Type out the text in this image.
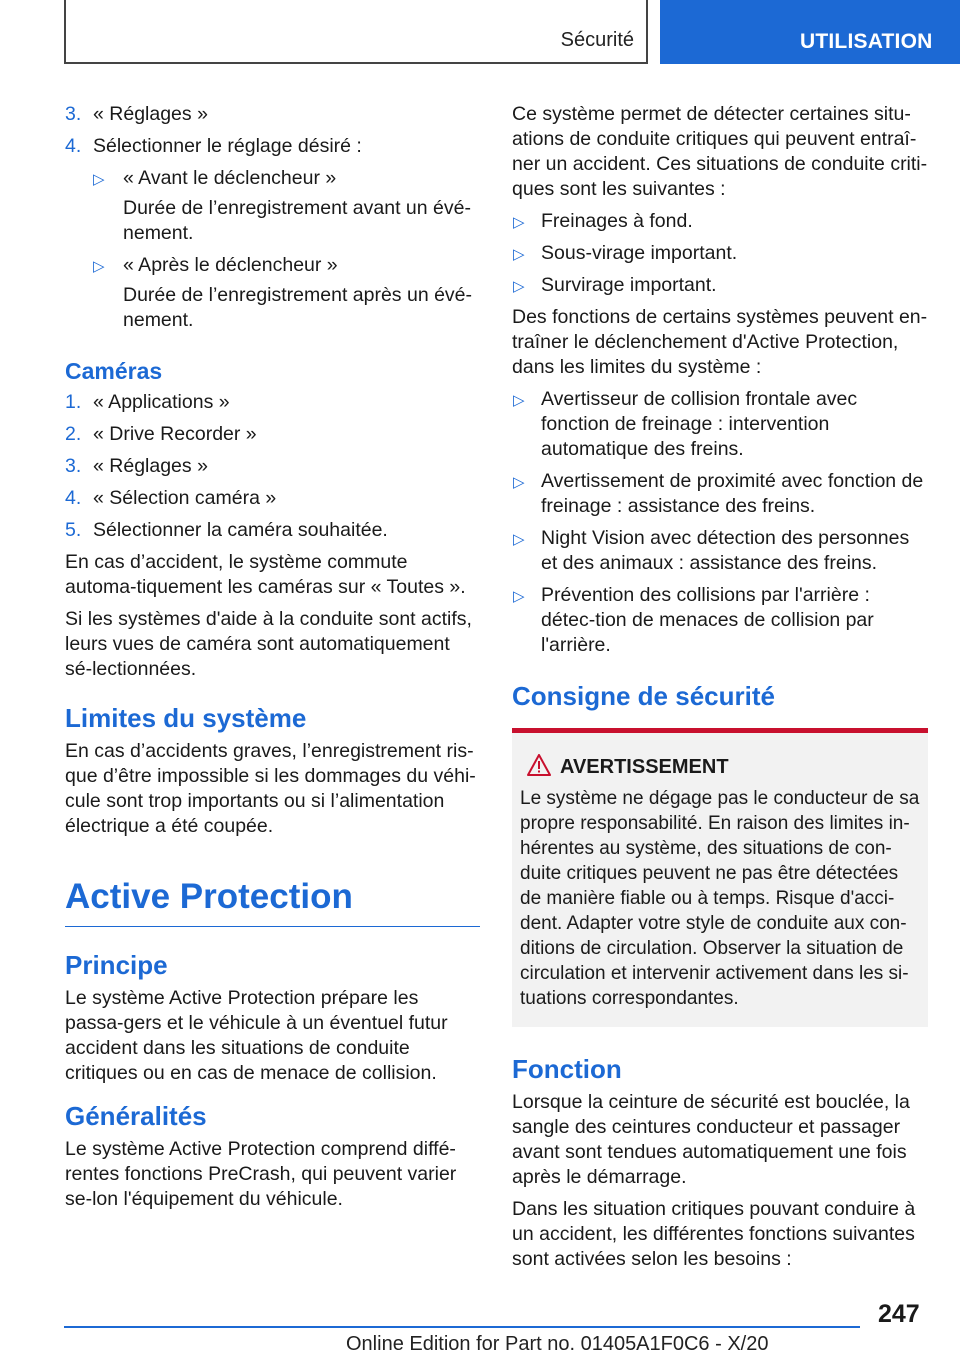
Sécurité	UTILISATION
3. « Réglages »
4. Sélectionner le réglage désiré :
▷ « Avant le déclencheur »
Durée de l’enregistrement avant un évé-nement.
▷ « Après le déclencheur »
Durée de l’enregistrement après un évé-nement.
Caméras
1. « Applications »
2. « Drive Recorder »
3. « Réglages »
4. « Sélection caméra »
5. Sélectionner la caméra souhaitée.

En cas d’accident, le système commute automa-tiquement les caméras sur « Toutes ».

Si les systèmes d'aide à la conduite sont actifs, leurs vues de caméra sont automatiquement sé-lectionnées.

Limites du système

En cas d’accidents graves, l’enregistrement ris-que d’être impossible si les dommages du véhi-cule sont trop importants ou si l’alimentation électrique a été coupée.

Active Protection
Principe

Le système Active Protection prépare les passa-gers et le véhicule à un éventuel futur accident dans les situations de conduite critiques ou en cas de menace de collision.

Généralités

Le système Active Protection comprend diffé-rentes fonctions PreCrash, qui peuvent varier se-lon l'équipement du véhicule.

Ce système permet de détecter certaines situ-ations de conduite critiques qui peuvent entraî-ner un accident. Ces situations de conduite criti-ques sont les suivantes :

▷ Freinages à fond.
▷ Sous-virage important.
▷ Survirage important.

Des fonctions de certains systèmes peuvent en-traîner le déclenchement d'Active Protection, dans les limites du système :

▷ Avertisseur de collision frontale avec fonction de freinage : intervention automatique des freins.
▷ Avertissement de proximité avec fonction de freinage : assistance des freins.
▷ Night Vision avec détection des personnes et des animaux : assistance des freins.
▷ Prévention des collisions par l'arrière : détec-tion de menaces de collision par l'arrière.
Consigne de sécurité
AVERTISSEMENT
Le système ne dégage pas le conducteur de sa propre responsabilité. En raison des limites in-hérentes au système, des situations de con-duite critiques peuvent ne pas être détectées de manière fiable ou à temps. Risque d'acci-dent. Adapter votre style de conduite aux con-ditions de circulation. Observer la situation de circulation et intervenir activement dans les si-tuations correspondantes.
Fonction

Lorsque la ceinture de sécurité est bouclée, la sangle des ceintures conducteur et passager avant sont tendues automatiquement une fois après le démarrage.

Dans les situation critiques pouvant conduire à un accident, les différentes fonctions suivantes sont activées selon les besoins :

247
Online Edition for Part no. 01405A1F0C6 - X/20
